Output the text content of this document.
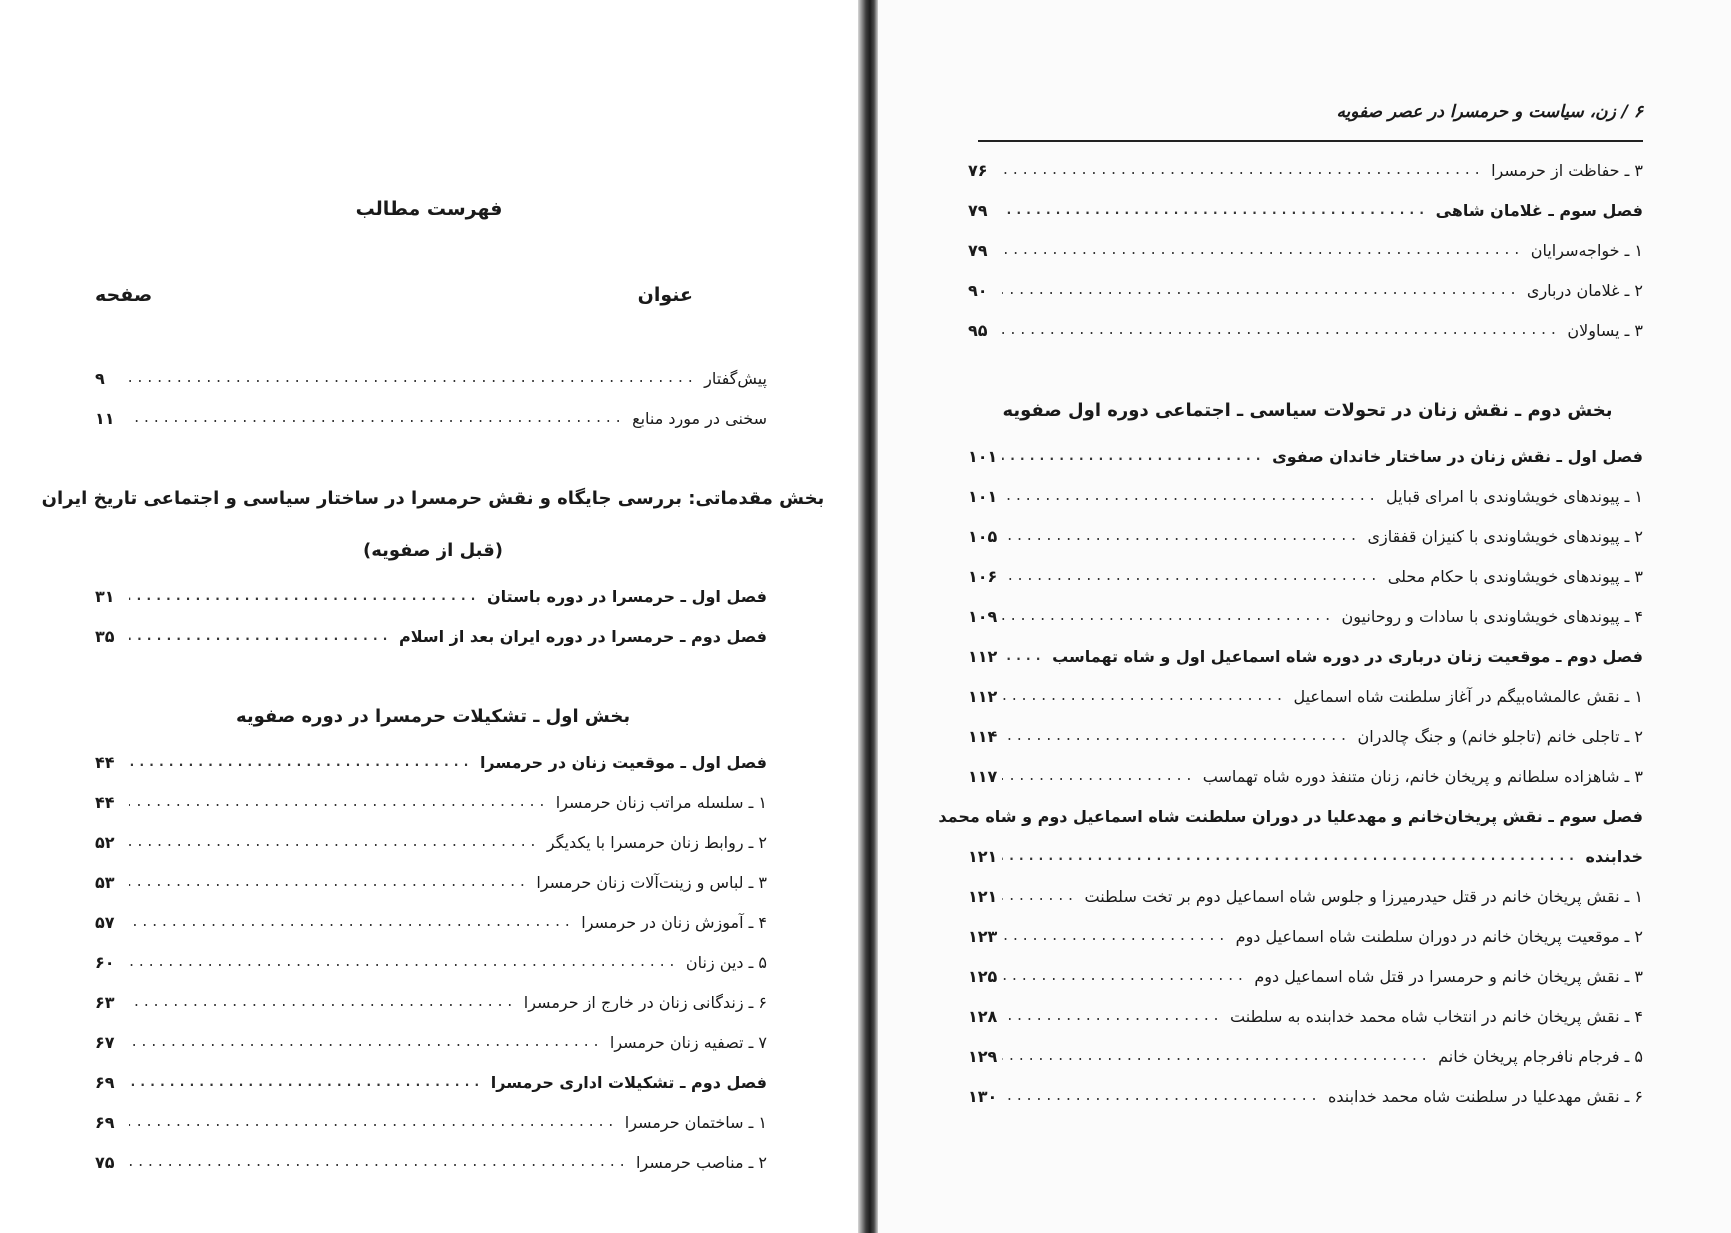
فهرست مطالب
عنوان
صفحه
پیش‌گفتار
.....
۹
سخنی در مورد منابع
.....
۱۱
بخش مقدماتی: بررسی جایگاه و نقش حرمسرا در ساختار سیاسی و اجتماعی تاریخ ایران
(قبل از صفویه)
فصل اول ـ حرمسرا در دوره باستان
.....
۳۱
فصل دوم ـ حرمسرا در دوره ایران بعد از اسلام
.....
۳۵
بخش اول ـ تشکیلات حرمسرا در دوره صفویه
فصل اول ـ موقعیت زنان در حرمسرا
.....
۴۴
۱ ـ سلسله مراتب زنان حرمسرا
.....
۴۴
۲ ـ روابط زنان حرمسرا با یکدیگر
.....
۵۲
۳ ـ لباس و زینت‌آلات زنان حرمسرا
.....
۵۳
۴ ـ آموزش زنان در حرمسرا
.....
۵۷
۵ ـ دین زنان
.....
۶۰
۶ ـ زندگانی زنان در خارج از حرمسرا
.....
۶۳
۷ ـ تصفیه زنان حرمسرا
.....
۶۷
فصل دوم ـ تشکیلات اداری حرمسرا
.....
۶۹
۱ ـ ساختمان حرمسرا
.....
۶۹
۲ ـ مناصب حرمسرا
.....
۷۵
۶ / زن، سیاست و حرمسرا در عصر صفویه
۳ ـ حفاظت از حرمسرا
.....
۷۶
فصل سوم ـ غلامان شاهی
.....
۷۹
۱ ـ خواجه‌سرایان
.....
۷۹
۲ ـ غلامان درباری
.....
۹۰
۳ ـ یساولان
.....
۹۵
بخش دوم ـ نقش زنان در تحولات سیاسی ـ اجتماعی دوره اول صفویه
فصل اول ـ نقش زنان در ساختار خاندان صفوی
.....
۱۰۱
۱ ـ پیوندهای خویشاوندی با امرای قبایل
.....
۱۰۱
۲ ـ پیوندهای خویشاوندی با کنیزان قفقازی
.....
۱۰۵
۳ ـ پیوندهای خویشاوندی با حکام محلی
.....
۱۰۶
۴ ـ پیوندهای خویشاوندی با سادات و روحانیون
.....
۱۰۹
فصل دوم ـ موقعیت زنان درباری در دوره شاه اسماعیل اول و شاه تهماسب
.....
۱۱۲
۱ ـ نقش عالمشاه‌بیگم در آغاز سلطنت شاه اسماعیل
.....
۱۱۲
۲ ـ تاجلی خانم (تاجلو خانم) و جنگ چالدران
.....
۱۱۴
۳ ـ شاهزاده سلطانم و پریخان خانم، زنان متنفذ دوره شاه تهماسب
.....
۱۱۷
فصل سوم ـ نقش پریخان‌خانم و مهدعلیا در دوران سلطنت شاه اسماعیل دوم و شاه محمد
خدابنده
.....
۱۲۱
۱ ـ نقش پریخان خانم در قتل حیدرمیرزا و جلوس شاه اسماعیل دوم بر تخت سلطنت
.....
۱۲۱
۲ ـ موقعیت پریخان خانم در دوران سلطنت شاه اسماعیل دوم
.....
۱۲۳
۳ ـ نقش پریخان خانم و حرمسرا در قتل شاه اسماعیل دوم
.....
۱۲۵
۴ ـ نقش پریخان خانم در انتخاب شاه محمد خدابنده به سلطنت
.....
۱۲۸
۵ ـ فرجام نافرجام پریخان خانم
.....
۱۲۹
۶ ـ نقش مهدعلیا در سلطنت شاه محمد خدابنده
.....
۱۳۰
